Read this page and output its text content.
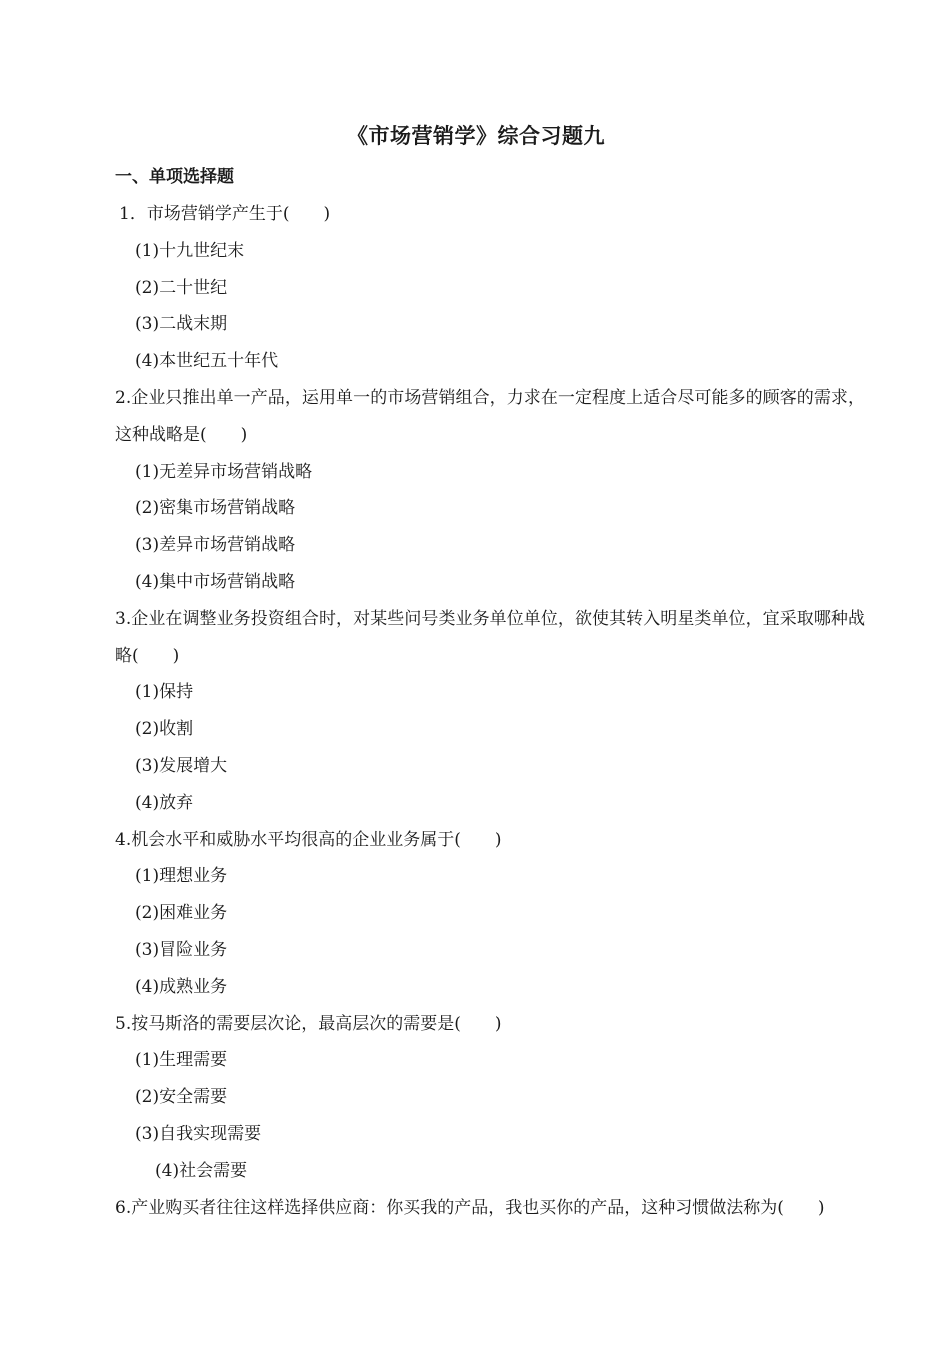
《市场营销学》综合习题九
一、单项选择题
1．市场营销学产生于(　　)
(1)十九世纪末
(2)二十世纪
(3)二战末期
(4)本世纪五十年代
2.企业只推出单一产品，运用单一的市场营销组合，力求在一定程度上适合尽可能多的顾客的需求，这种战略是(　　)
(1)无差异市场营销战略
(2)密集市场营销战略
(3)差异市场营销战略
(4)集中市场营销战略
3.企业在调整业务投资组合时，对某些问号类业务单位单位，欲使其转入明星类单位，宜采取哪种战略(　　)
(1)保持
(2)收割
(3)发展增大
(4)放弃
4.机会水平和威胁水平均很高的企业业务属于(　　)
(1)理想业务
(2)困难业务
(3)冒险业务
(4)成熟业务
5.按马斯洛的需要层次论，最高层次的需要是(　　)
(1)生理需要
(2)安全需要
(3)自我实现需要
(4)社会需要
6.产业购买者往往这样选择供应商：你买我的产品，我也买你的产品，这种习惯做法称为(　　)
